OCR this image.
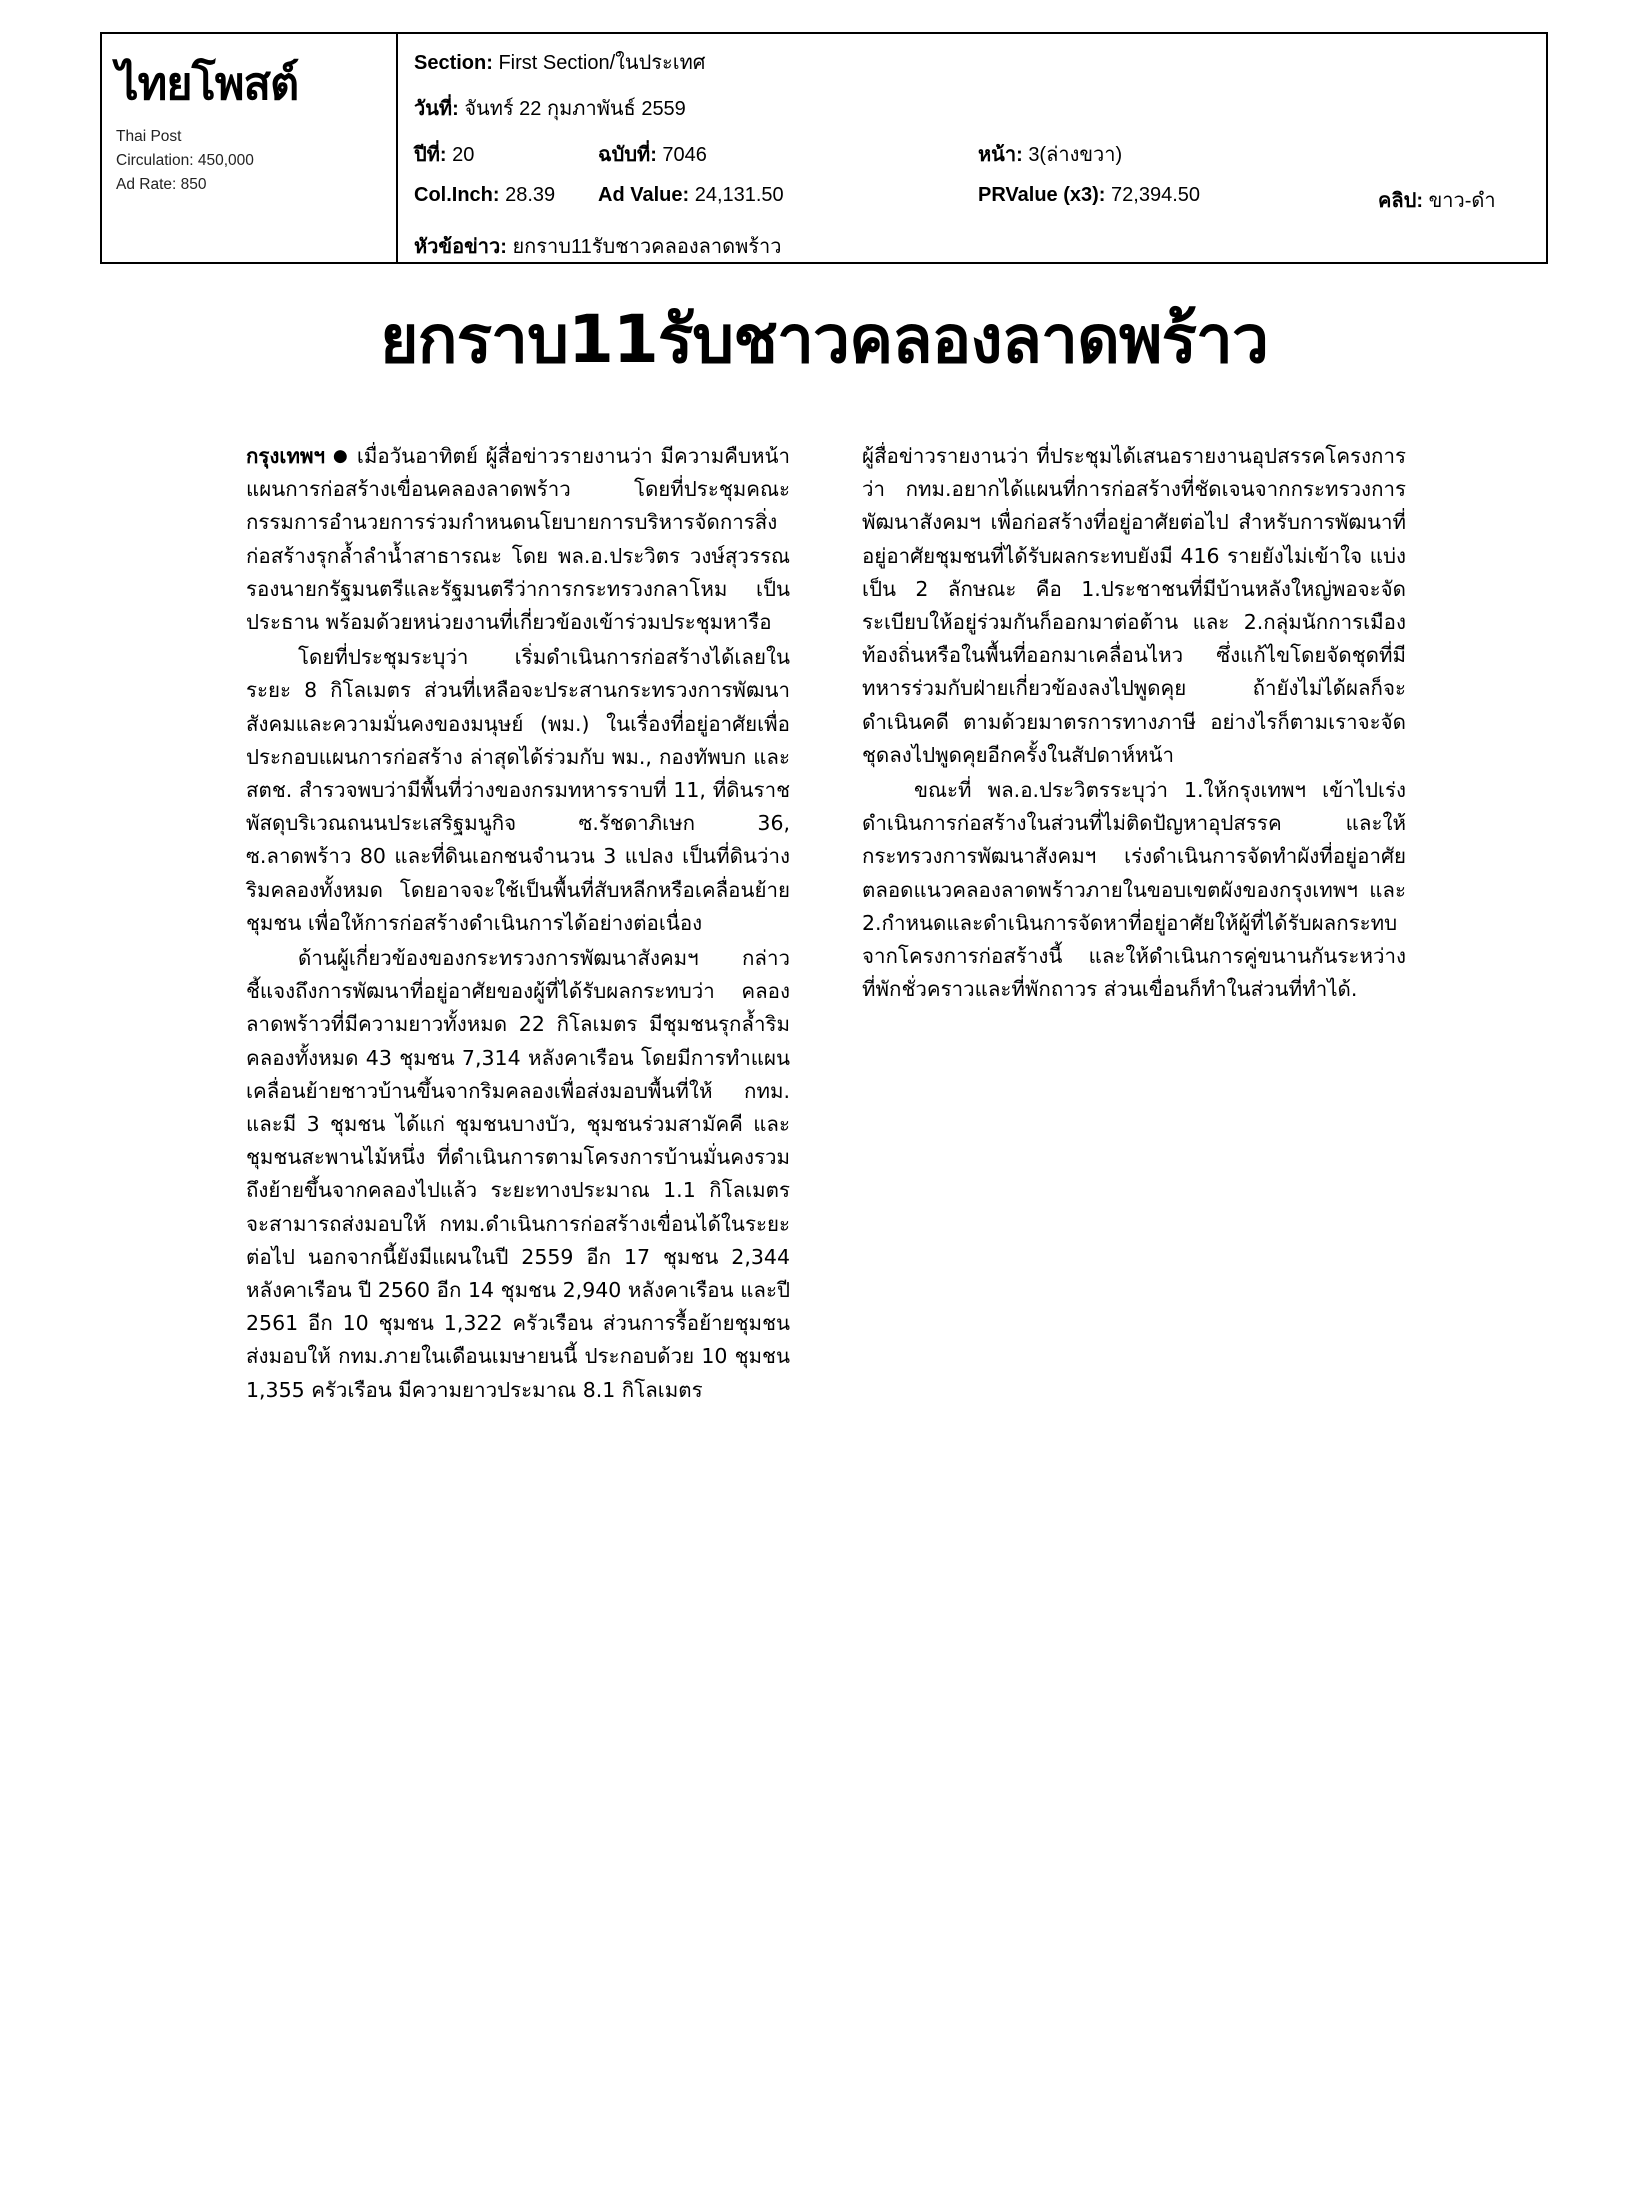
ไทยโพสต์
Thai Post
Circulation: 450,000
Ad Rate: 850
Section: First Section/ในประเทศ
วันที่: จันทร์ 22 กุมภาพันธ์ 2559
ปีที่: 20	ฉบับที่: 7046	หน้า: 3(ล่างขวา)
Col.Inch: 28.39 Ad Value: 24,131.50	PRValue (x3): 72,394.50	คลิป: ขาว-ดำ
หัวข้อข่าว: ยกราบ11รับชาวคลองลาดพร้าว
ยกราบ11รับชาวคลองลาดพร้าว

กรุงเทพฯ ● เมื่อวันอาทิตย์ ผู้สื่อข่าวรายงานว่า มีความคืบหน้าแผนการก่อสร้างเขื่อนคลองลาดพร้าว โดยที่ประชุมคณะกรรมการอำนวยการร่วมกำหนดนโยบายการบริหารจัดการสิ่งก่อสร้างรุกล้ำลำน้ำสาธารณะ โดย พล.อ.ประวิตร วงษ์สุวรรณ รองนายกรัฐมนตรีและรัฐมนตรีว่าการกระทรวงกลาโหม เป็นประธาน พร้อมด้วยหน่วยงานที่เกี่ยวข้องเข้าร่วมประชุมหารือ

โดยที่ประชุมระบุว่า เริ่มดำเนินการก่อสร้างได้เลยในระยะ 8 กิโลเมตร ส่วนที่เหลือจะประสานกระทรวงการพัฒนาสังคมและความมั่นคงของมนุษย์ (พม.) ในเรื่องที่อยู่อาศัยเพื่อประกอบแผนการก่อสร้าง ล่าสุดได้ร่วมกับ พม., กองทัพบก และ สตช. สำรวจพบว่ามีพื้นที่ว่างของกรมทหารราบที่ 11, ที่ดินราชพัสดุบริเวณถนนประเสริฐมนูกิจ ซ.รัชดาภิเษก 36, ซ.ลาดพร้าว 80 และที่ดินเอกชนจำนวน 3 แปลง เป็นที่ดินว่างริมคลองทั้งหมด โดยอาจจะใช้เป็นพื้นที่สับหลีกหรือเคลื่อนย้ายชุมชน เพื่อให้การก่อสร้างดำเนินการได้อย่างต่อเนื่อง

ด้านผู้เกี่ยวข้องของกระทรวงการพัฒนาสังคมฯ กล่าวชี้แจงถึงการพัฒนาที่อยู่อาศัยของผู้ที่ได้รับผลกระทบว่า คลองลาดพร้าวที่มีความยาวทั้งหมด 22 กิโลเมตร มีชุมชนรุกล้ำริมคลองทั้งหมด 43 ชุมชน 7,314 หลังคาเรือน โดยมีการทำแผนเคลื่อนย้ายชาวบ้านขึ้นจากริมคลองเพื่อส่งมอบพื้นที่ให้ กทม. และมี 3 ชุมชน ได้แก่ ชุมชนบางบัว, ชุมชนร่วมสามัคคี และชุมชนสะพานไม้หนึ่ง ที่ดำเนินการตามโครงการบ้านมั่นคงรวมถึงย้ายขึ้นจากคลองไปแล้ว ระยะทางประมาณ 1.1 กิโลเมตร จะสามารถส่งมอบให้ กทม.ดำเนินการก่อสร้างเขื่อนได้ในระยะต่อไป นอกจากนี้ยังมีแผนในปี 2559 อีก 17 ชุมชน 2,344 หลังคาเรือน ปี 2560 อีก 14 ชุมชน 2,940 หลังคาเรือน และปี 2561 อีก 10 ชุมชน 1,322 ครัวเรือน ส่วนการรื้อย้ายชุมชนส่งมอบให้ กทม.ภายในเดือนเมษายนนี้ ประกอบด้วย 10 ชุมชน 1,355 ครัวเรือน มีความยาวประมาณ 8.1 กิโลเมตร

ผู้สื่อข่าวรายงานว่า ที่ประชุมได้เสนอรายงานอุปสรรคโครงการว่า กทม.อยากได้แผนที่การก่อสร้างที่ชัดเจนจากกระทรวงการพัฒนาสังคมฯ เพื่อก่อสร้างที่อยู่อาศัยต่อไป สำหรับการพัฒนาที่อยู่อาศัยชุมชนที่ได้รับผลกระทบยังมี 416 รายยังไม่เข้าใจ แบ่งเป็น 2 ลักษณะ คือ 1.ประชาชนที่มีบ้านหลังใหญ่พอจะจัดระเบียบให้อยู่ร่วมกันก็ออกมาต่อต้าน และ 2.กลุ่มนักการเมืองท้องถิ่นหรือในพื้นที่ออกมาเคลื่อนไหว ซึ่งแก้ไขโดยจัดชุดที่มีทหารร่วมกับฝ่ายเกี่ยวข้องลงไปพูดคุย ถ้ายังไม่ได้ผลก็จะดำเนินคดี ตามด้วยมาตรการทางภาษี อย่างไรก็ตามเราจะจัดชุดลงไปพูดคุยอีกครั้งในสัปดาห์หน้า

ขณะที่ พล.อ.ประวิตรระบุว่า 1.ให้กรุงเทพฯ เข้าไปเร่งดำเนินการก่อสร้างในส่วนที่ไม่ติดปัญหาอุปสรรค และให้กระทรวงการพัฒนาสังคมฯ เร่งดำเนินการจัดทำผังที่อยู่อาศัยตลอดแนวคลองลาดพร้าวภายในขอบเขตผังของกรุงเทพฯ และ 2.กำหนดและดำเนินการจัดหาที่อยู่อาศัยให้ผู้ที่ได้รับผลกระทบจากโครงการก่อสร้างนี้ และให้ดำเนินการคู่ขนานกันระหว่างที่พักชั่วคราวและที่พักถาวร ส่วนเขื่อนก็ทำในส่วนที่ทำได้.
